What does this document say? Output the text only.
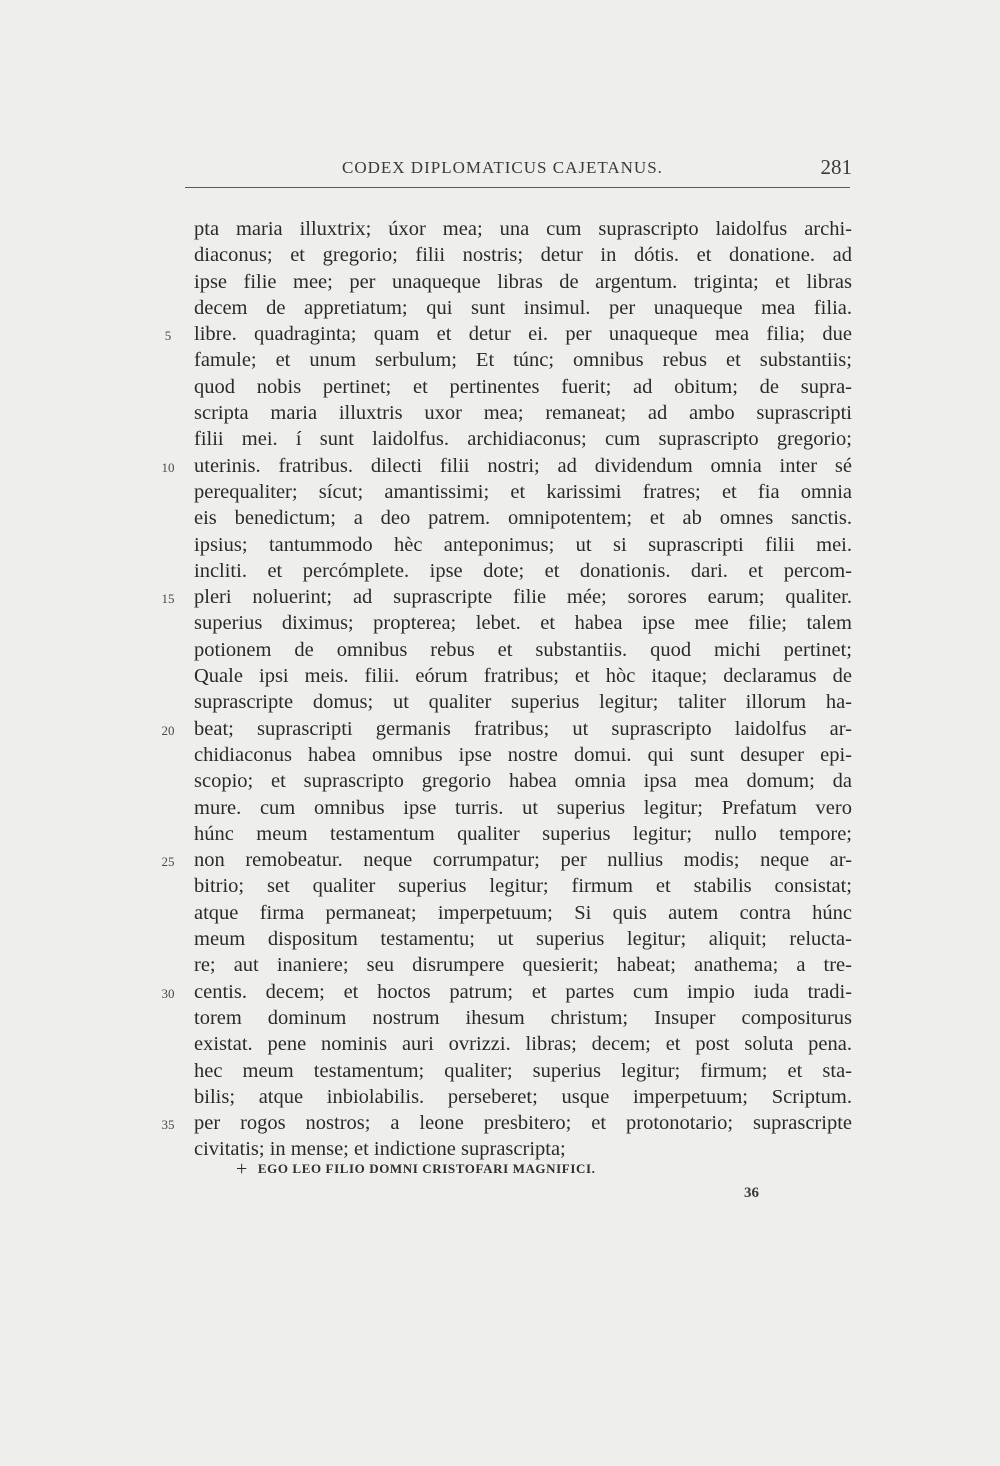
CODEX DIPLOMATICUS CAJETANUS.	281
pta maria illuxtrix; úxor mea; una cum suprascripto laidolfus archi-
diaconus; et gregorio; filii nostris; detur in dótis. et donatione. ad
ipse filie mee; per unaqueque libras de argentum. triginta; et libras
decem de appretiatum; qui sunt insimul. per unaqueque mea filia.
libre. quadraginta; quam et detur ei. per unaqueque mea filia; due
famule; et unum serbulum; Et túnc; omnibus rebus et substantiis;
quod nobis pertinet; et pertinentes fuerit; ad obitum; de supra-
scripta maria illuxtris uxor mea; remaneat; ad ambo suprascripti
filii mei. í sunt laidolfus. archidiaconus; cum suprascripto gregorio;
uterinis. fratribus. dilecti filii nostri; ad dividendum omnia inter sé
perequaliter; sícut; amantissimi; et karissimi fratres; et fia omnia
eis benedictum; a deo patrem. omnipotentem; et ab omnes sanctis.
ipsius; tantummodo hèc anteponimus; ut si suprascripti filii mei.
incliti. et percómplete. ipse dote; et donationis. dari. et percom-
pleri noluerint; ad suprascripte filie mée; sorores earum; qualiter.
superius diximus; propterea; lebet. et habea ipse mee filie; talem
potionem de omnibus rebus et substantiis. quod michi pertinet;
Quale ipsi meis. filii. eórum fratribus; et hòc itaque; declaramus de
suprascripte domus; ut qualiter superius legitur; taliter illorum ha-
beat; suprascripti germanis fratribus; ut suprascripto laidolfus ar-
chidiaconus habea omnibus ipse nostre domui. qui sunt desuper epi-
scopio; et suprascripto gregorio habea omnia ipsa mea domum; da
mure. cum omnibus ipse turris. ut superius legitur; Prefatum vero
húnc meum testamentum qualiter superius legitur; nullo tempore;
non remobeatur. neque corrumpatur; per nullius modis; neque ar-
bitrio; set qualiter superius legitur; firmum et stabilis consistat;
atque firma permaneat; imperpetuum; Si quis autem contra húnc
meum dispositum testamentu; ut superius legitur; aliquit; reluctа-
re; aut inaniere; seu disrumpere quesierit; habeat; anathema; a tre-
centis. decem; et hoctos patrum; et partes cum impio iuda tradi-
torem dominum nostrum ihesum christum; Insuper compositurus
existat. pene nominis auri ovrizzi. libras; decem; et post soluta pena.
hec meum testamentum; qualiter; superius legitur; firmum; et sta-
bilis; atque inbiolabilis. perseberet; usque imperpetuum; Scriptum.
per rogos nostros; a leone presbitero; et protonotario; suprascripte
civitatis; in mense; et indictione suprascripta;
5
10
15
20
25
30
35
+ EGO LEO FILIO DOMNI CRISTOFARI MAGNIFICI.
36
